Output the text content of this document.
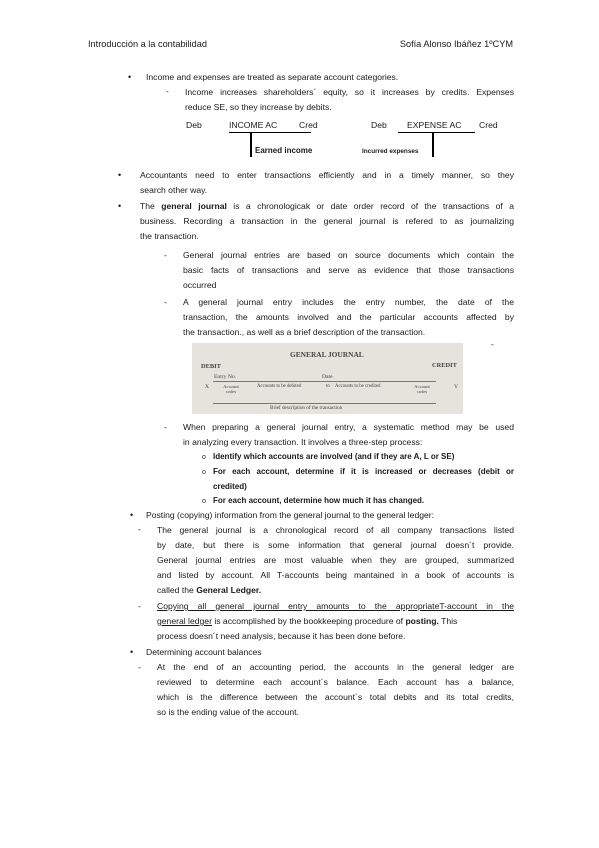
Introducción a la contabilidad	Sofía Alonso Ibáñez 1ºCYM
• Income and expenses are treated as separate account categories.
- Income increases shareholders´ equity, so it increases by credits. Expenses
reduce SE, so they increase by debits.
Deb	INCOME AC	Cred
Earned income
Deb EXPENSE AC Cred
Incurred expenses
• Accountants need to enter transactions efficiently and in a timely manner, so they
search other way.
• The general journal is a chronologicak or date order record of the transactions of a
business. Recording a transaction in the general journal is refered to as journalizing
the transaction.
- General journal entries are based on source documents which contain the
basic facts of transactions and serve as evidence that those transactions
occurred
- A general journal entry includes the entry number, the date of the
transaction, the amounts involved and the particular accounts affected by
the transaction., as well as a brief description of the transaction.
-
GENERAL JOURNAL
DEBIT	CREDIT
Entry No.	Date
X	Account codes
Accounts to be debited	to Accounts to be credited	Account codes
Y
Brief description of the transaction
- When preparing a general journal entry, a systematic method may be used
in analyzing every transaction. It involves a three-step process:
o Identify which accounts are involved (and if they are A, L or SE)
o For each account, determine if it is increased or decreases (debit or
credited)
o For each account, determine how much it has changed.
• Posting (copying) information from the general journal to the general ledger:
- The general journal is a chronological record of all company transactions listed
by date, but there is some information that general journal doesn´t provide.
General journal entries are most valuable when they are grouped, summarized
and listed by account. All T-accounts being mantained in a book of accounts is
called the General Ledger.
- Copying all general journal entry amounts to the appropriateT-account in the
general ledger is accomplished by the bookkeeping procedure of posting. This
process doesn´t need analysis, because it has been done before.
• Determining account balances
- At the end of an accounting period, the accounts in the general ledger are
reviewed to determine each account´s balance. Each account has a balance,
which is the difference between the account´s total debits and its total credits,
so is the ending value of the account.
